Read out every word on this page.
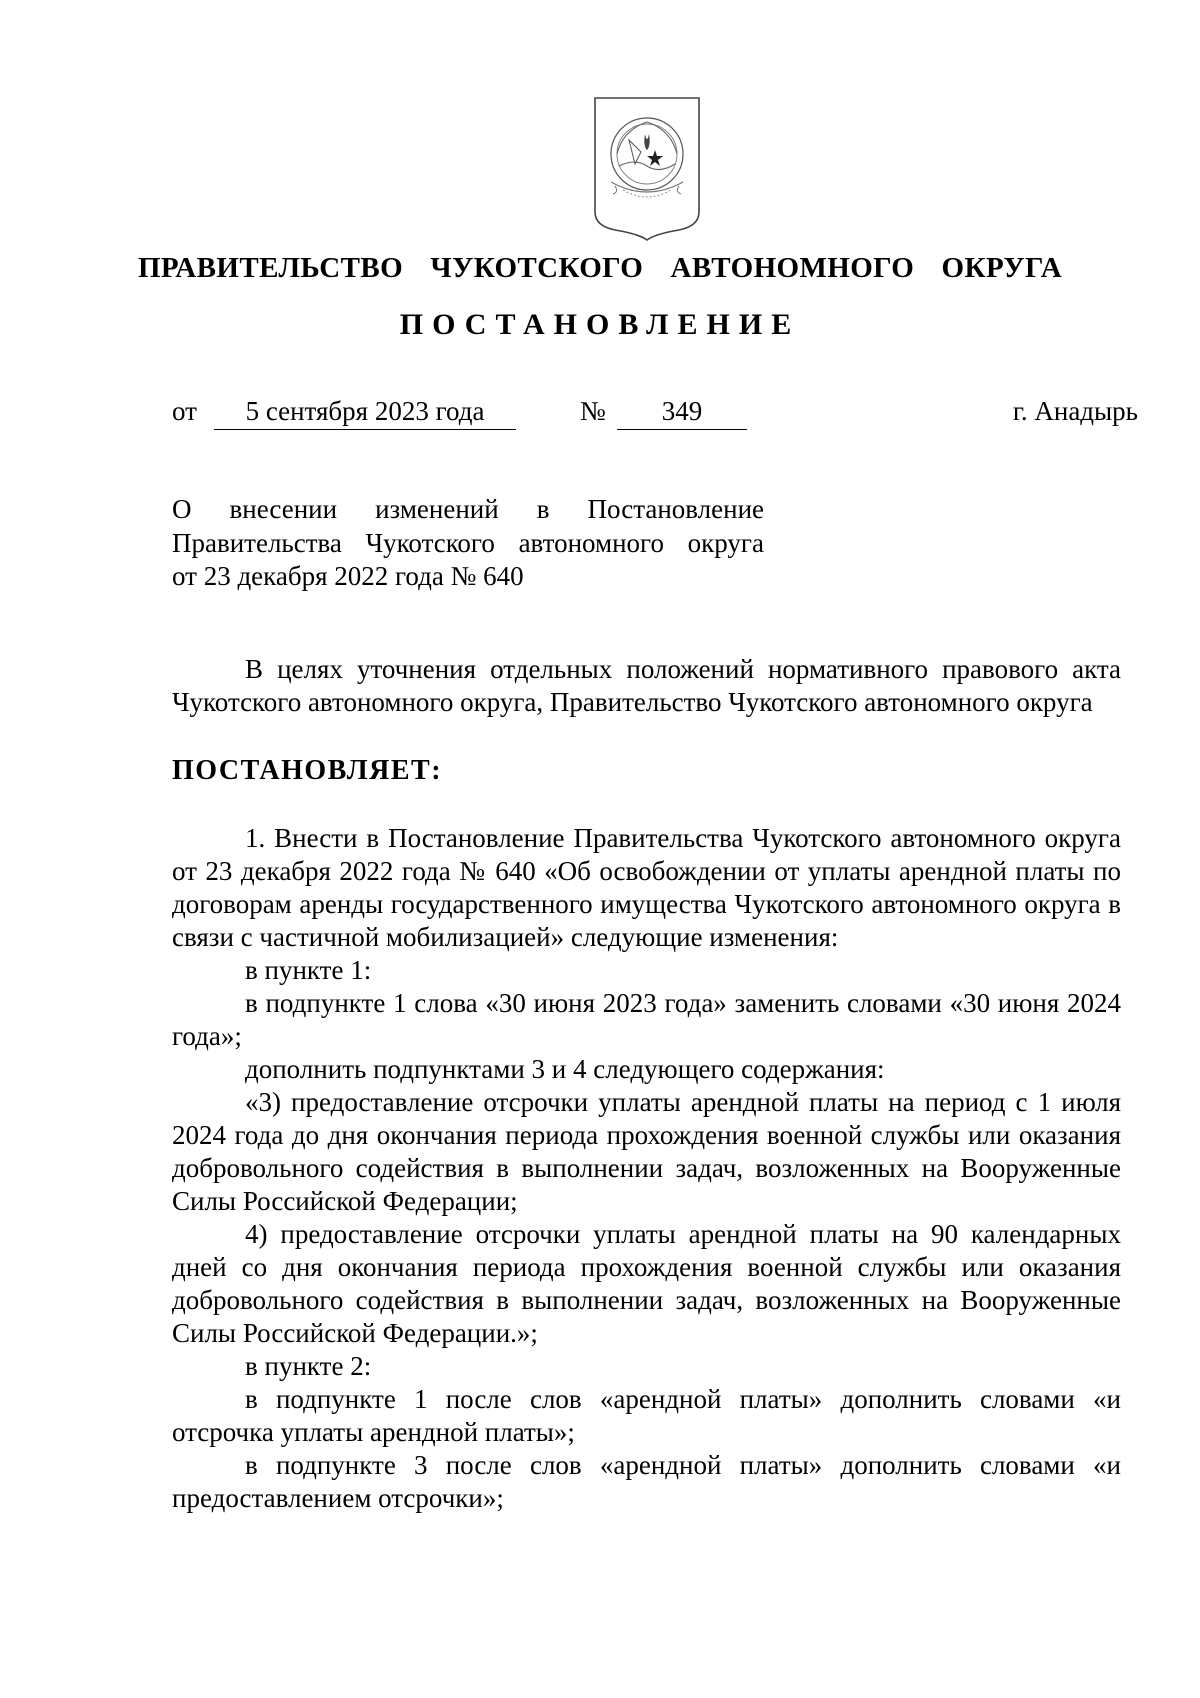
ПРАВИТЕЛЬСТВО  ЧУКОТСКОГО  АВТОНОМНОГО  ОКРУГА
ПОСТАНОВЛЕНИЕ
от	5 сентября 2023 года	№	349	г. Анадырь

О внесении изменений в Постановление

Правительства Чукотского автономного округа

от 23 декабря 2022 года № 640

В целях уточнения отдельных положений нормативного правового акта Чукотского автономного округа, Правительство Чукотского автономного округа

ПОСТАНОВЛЯЕТ:

1. Внести в Постановление Правительства Чукотского автономного округа от 23 декабря 2022 года № 640 «Об освобождении от уплаты арендной платы по договорам аренды государственного имущества Чукотского автономного округа в связи с частичной мобилизацией» следующие изменения:

в пункте 1:

в подпункте 1 слова «30 июня 2023 года» заменить словами «30 июня 2024 года»;

дополнить подпунктами 3 и 4 следующего содержания:

«3) предоставление отсрочки уплаты арендной платы на период с 1 июля 2024 года до дня окончания периода прохождения военной службы или оказания добровольного содействия в выполнении задач, возложенных на Вооруженные Силы Российской Федерации;

4) предоставление отсрочки уплаты арендной платы на 90 календарных дней со дня окончания периода прохождения военной службы или оказания добровольного содействия в выполнении задач, возложенных на Вооруженные Силы Российской Федерации.»;

в пункте 2:

в подпункте 1 после слов «арендной платы» дополнить словами «и отсрочка уплаты арендной платы»;

в подпункте 3 после слов «арендной платы» дополнить словами «и предоставлением отсрочки»;
